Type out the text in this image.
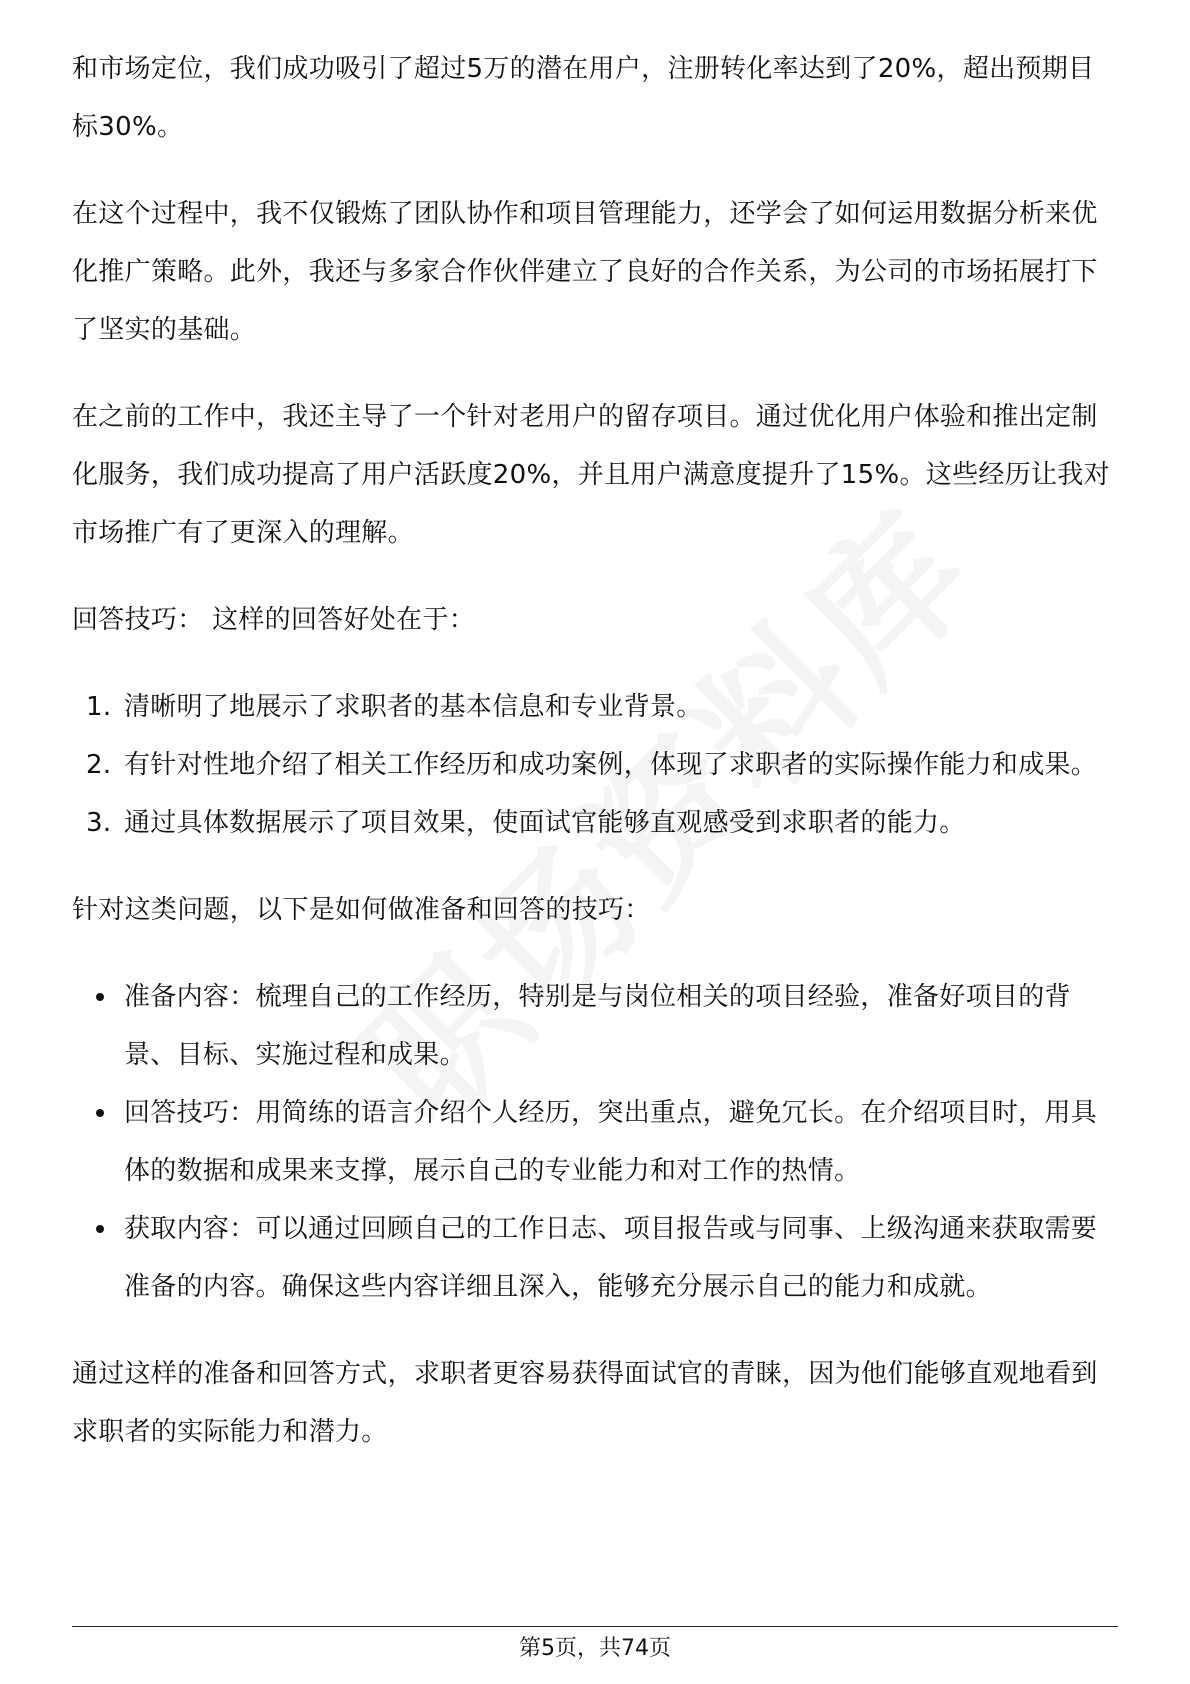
和市场定位，我们成功吸引了超过5万的潜在用户，注册转化率达到了20%，超出预期目标30%。

在这个过程中，我不仅锻炼了团队协作和项目管理能力，还学会了如何运用数据分析来优化推广策略。此外，我还与多家合作伙伴建立了良好的合作关系，为公司的市场拓展打下了坚实的基础。

在之前的工作中，我还主导了一个针对老用户的留存项目。通过优化用户体验和推出定制化服务，我们成功提高了用户活跃度20%，并且用户满意度提升了15%。这些经历让我对市场推广有了更深入的理解。

回答技巧： 这样的回答好处在于：

1. 清晰明了地展示了求职者的基本信息和专业背景。
2. 有针对性地介绍了相关工作经历和成功案例，体现了求职者的实际操作能力和成果。
3. 通过具体数据展示了项目效果，使面试官能够直观感受到求职者的能力。

针对这类问题，以下是如何做准备和回答的技巧：

准备内容：梳理自己的工作经历，特别是与岗位相关的项目经验，准备好项目的背景、目标、实施过程和成果。
回答技巧：用简练的语言介绍个人经历，突出重点，避免冗长。在介绍项目时，用具体的数据和成果来支撑，展示自己的专业能力和对工作的热情。
获取内容：可以通过回顾自己的工作日志、项目报告或与同事、上级沟通来获取需要准备的内容。确保这些内容详细且深入，能够充分展示自己的能力和成就。

通过这样的准备和回答方式，求职者更容易获得面试官的青睐，因为他们能够直观地看到求职者的实际能力和潜力。

第5页，共74页
